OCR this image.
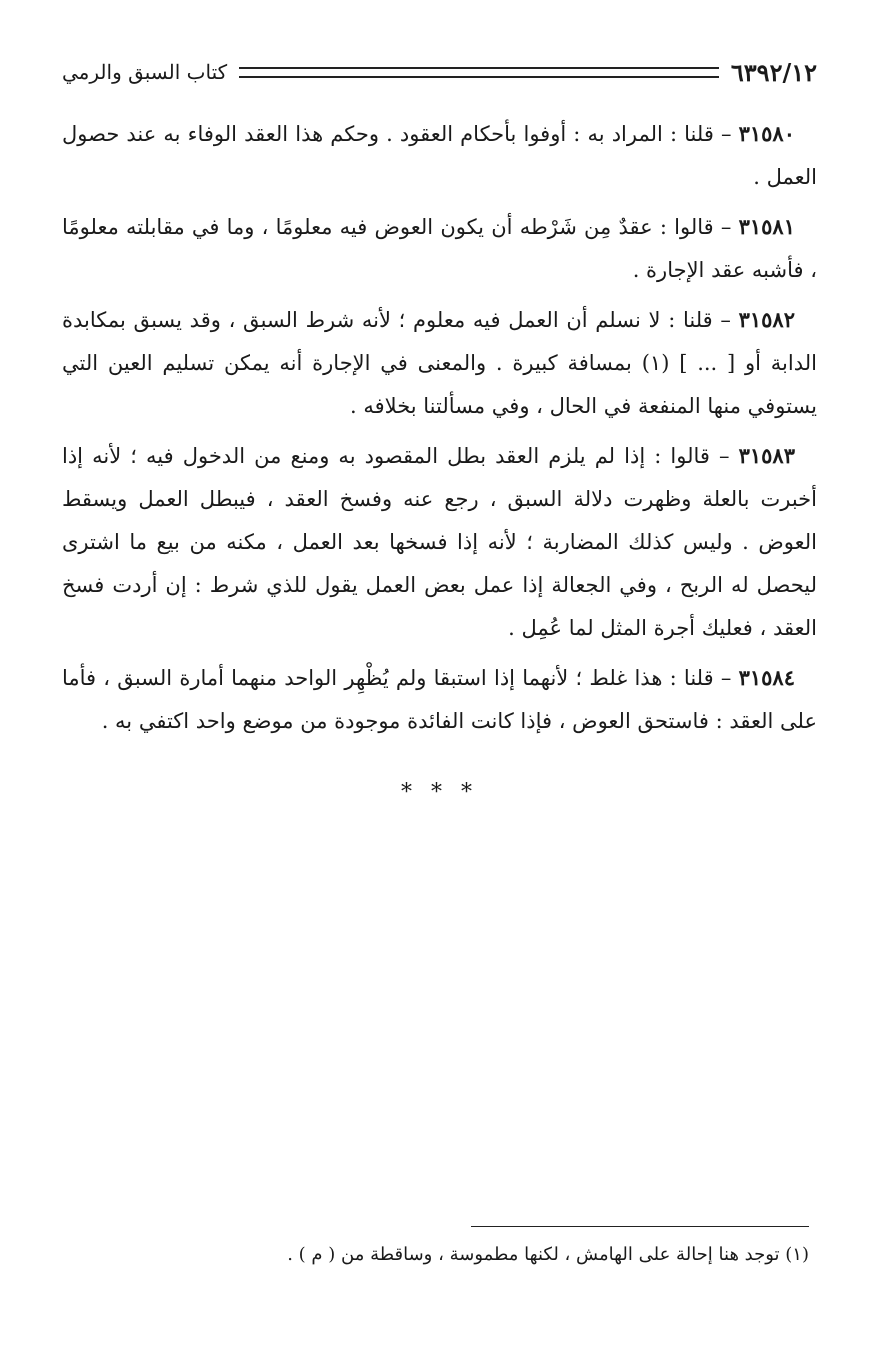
٦٣٩٢/١٢
كتاب السبق والرمي

٣١٥٨٠ – قلنا : المراد به : أوفوا بأحكام العقود . وحكم هذا العقد الوفاء به عند حصول العمل .

٣١٥٨١ – قالوا : عقدٌ مِن شَرْطه أن يكون العوض فيه معلومًا ، وما في مقابلته معلومًا ، فأشبه عقد الإجارة .

٣١٥٨٢ – قلنا : لا نسلم أن العمل فيه معلوم ؛ لأنه شرط السبق ، وقد يسبق بمكابدة الدابة أو [ ... ] (١) بمسافة كبيرة . والمعنى في الإجارة أنه يمكن تسليم العين التي يستوفي منها المنفعة في الحال ، وفي مسألتنا بخلافه .

٣١٥٨٣ – قالوا : إذا لم يلزم العقد بطل المقصود به ومنع من الدخول فيه ؛ لأنه إذا أخبرت بالعلة وظهرت دلالة السبق ، رجع عنه وفسخ العقد ، فيبطل العمل ويسقط العوض . وليس كذلك المضاربة ؛ لأنه إذا فسخها بعد العمل ، مكنه من بيع ما اشترى ليحصل له الربح ، وفي الجعالة إذا عمل بعض العمل يقول للذي شرط : إن أردت فسخ العقد ، فعليك أجرة المثل لما عُمِل .

٣١٥٨٤ – قلنا : هذا غلط ؛ لأنهما إذا استبقا ولم يُظْهِر الواحد منهما أمارة السبق ، فأما على العقد : فاستحق العوض ، فإذا كانت الفائدة موجودة من موضع واحد اكتفي به .

* * *
(١) توجد هنا إحالة على الهامش ، لكنها مطموسة ، وساقطة من ( م ) .
